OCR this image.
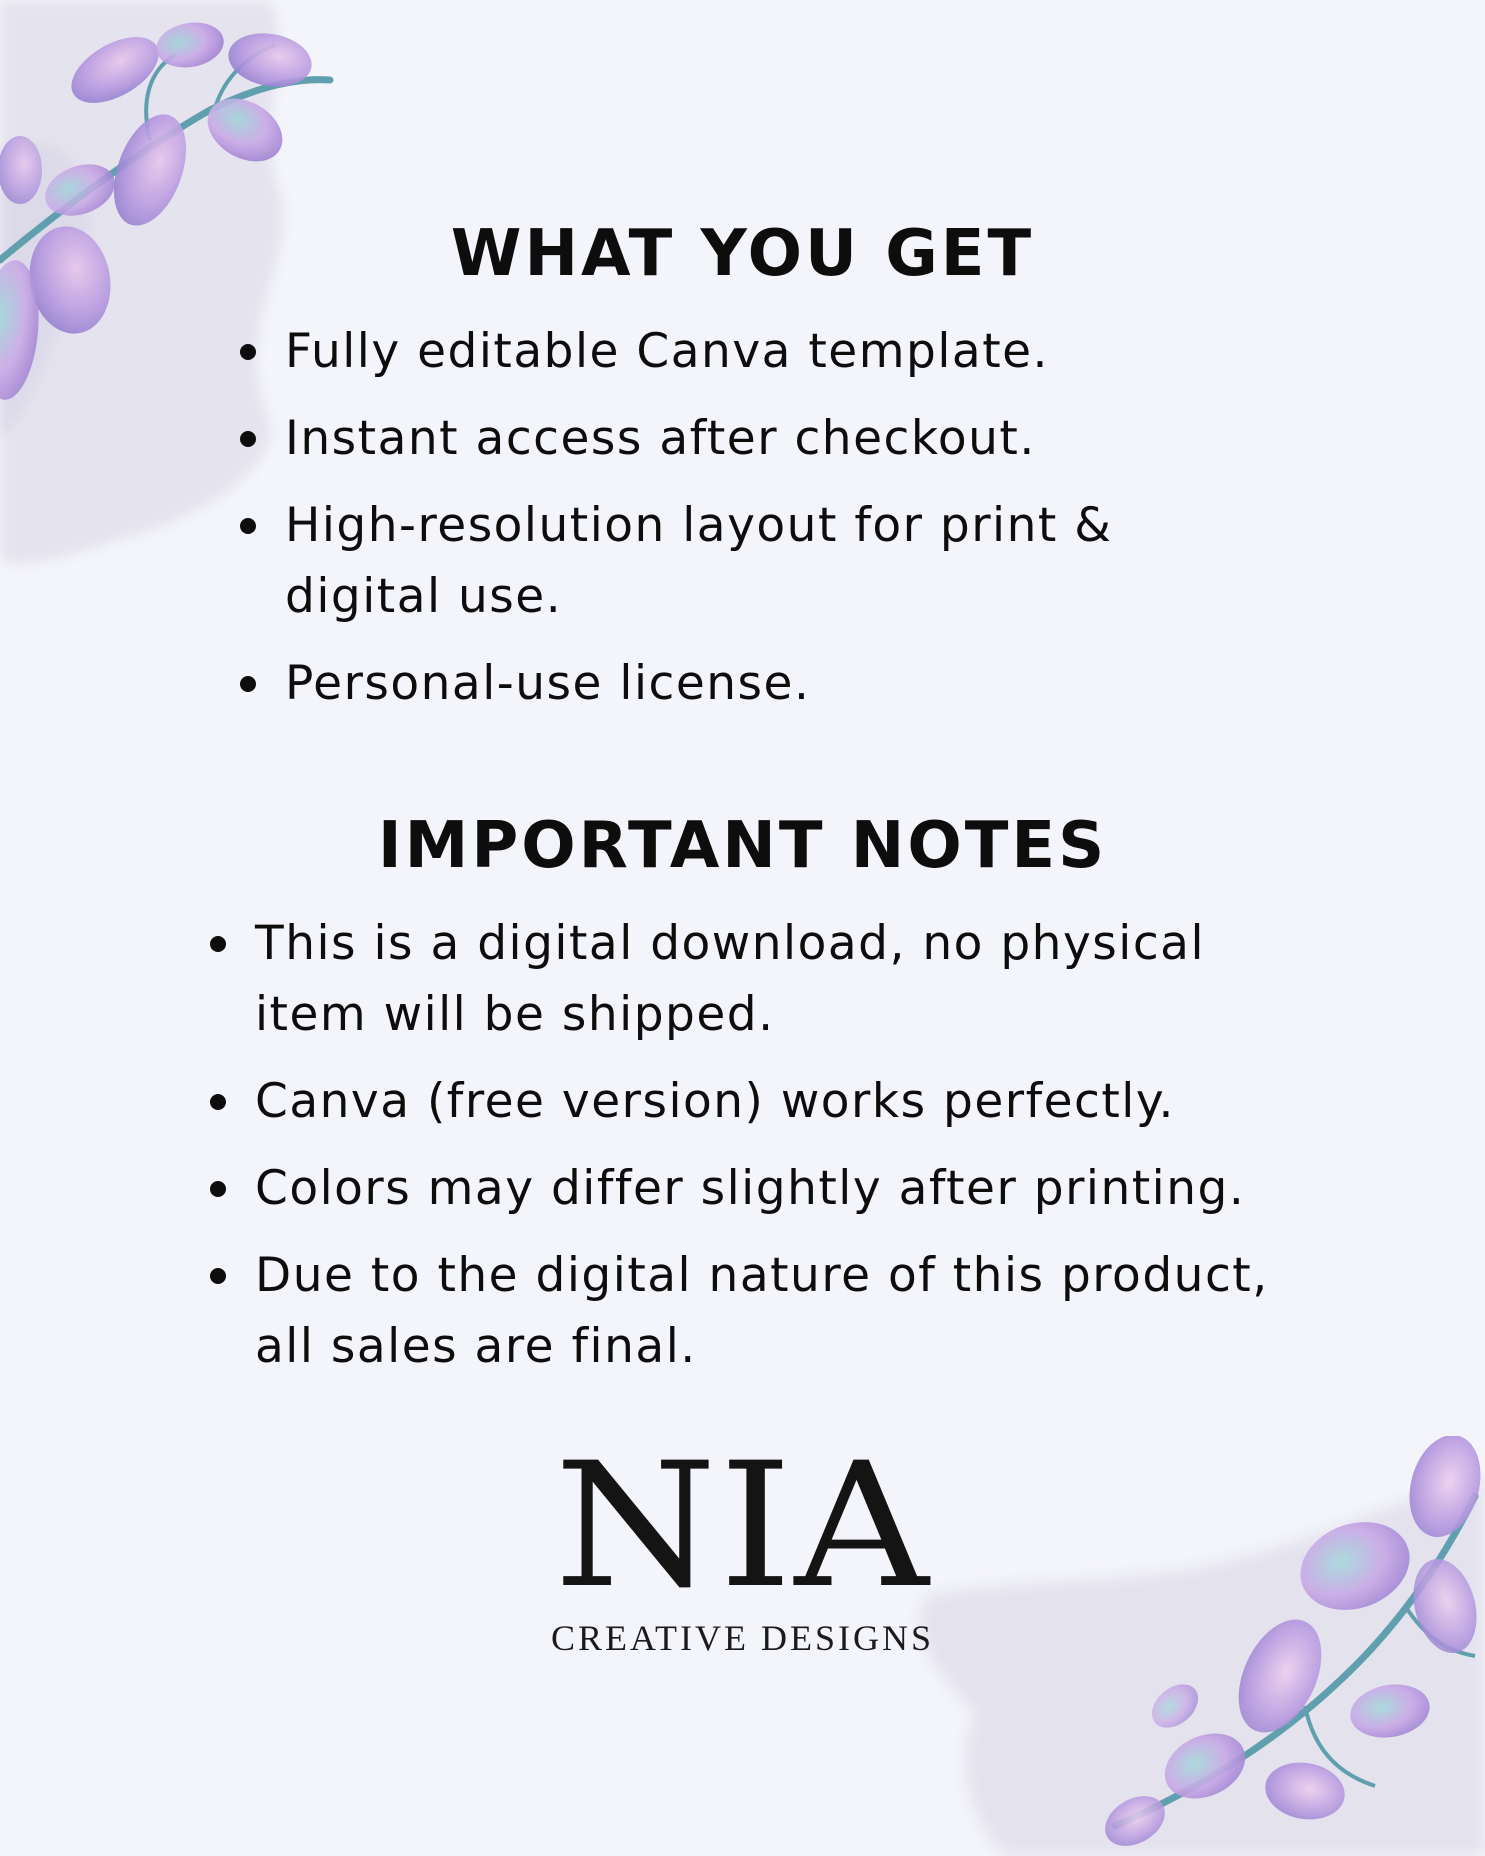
WHAT YOU GET
Fully editable Canva template.
Instant access after checkout.
High-resolution layout for print &
digital use.
Personal-use license.
IMPORTANT NOTES
This is a digital download, no physical
item will be shipped.
Canva (free version) works perfectly.
Colors may differ slightly after printing.
Due to the digital nature of this product,
all sales are final.
NIA
CREATIVE DESIGNS
